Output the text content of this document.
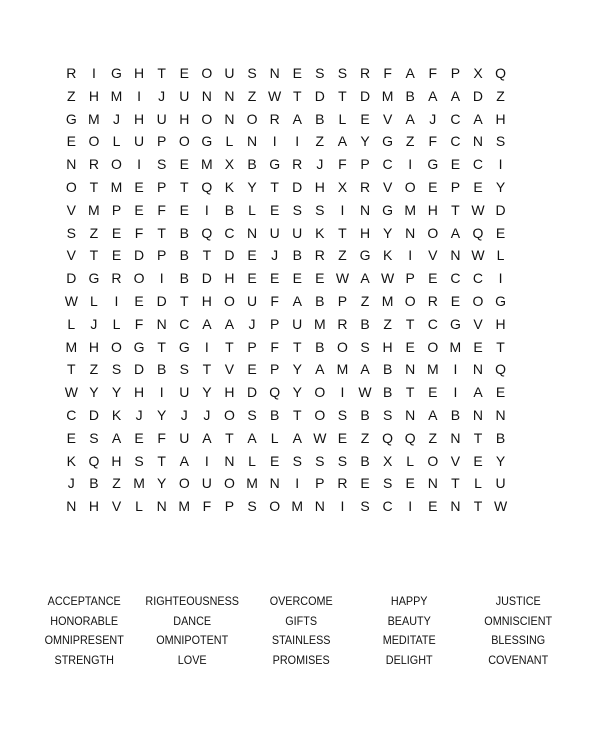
R	I	G H T E O U S N E S S R F A F P X Q
Z H M	I	J	U N N Z W T D T D M B A A D Z
G M J	H U H O N O R A B	L	E V A	J	C A H
E O L U P O G L N	I	I	Z A Y G Z	F C N S
N R O	I	S E M X B G R	J	F P C	I	G E C	I
O T M E P T Q K Y T D H X R V O E P E Y
V M P E F E	I	B	L	E S S	I	N G M H T W D
S Z E F	T B Q C N U U K T H Y N O A Q E
V T E D P B T D E	J	B R Z G K	I	V N W L
D G R O	I	B D H E E E E W A W P E C C	I
W L	I	E D T H O U F A B P Z M O R E O G
L	J	L	F N C A A	J	P U M R B Z	T C G V H
M H O G T G	I	T P F	T B O S H E O M E T
T	Z S D B S T V E P Y A M A B N M	I	N Q
W Y Y H	I	U Y H D Q Y O	I	W B T E	I	A E
C D K	J	Y	J	J O S B T O S B S N A B N N
E S A E F U A T A	L	A W E Z Q Q Z N T B
K Q H S T A	I	N L	E S S S B X	L O V E Y
J	B Z M Y O U O M N	I	P R E S E N T	L U
N H V	L N M F P S O M N	I	S C	I	E N T W
ACCEPTANCE	RIGHTEOUSNESS	OVERCOME	HAPPY	JUSTICE
HONORABLE	DANCE	GIFTS	BEAUTY	OMNISCIENT
OMNIPRESENT	OMNIPOTENT	STAINLESS	MEDITATE	BLESSING
STRENGTH	LOVE	PROMISES	DELIGHT	COVENANT
